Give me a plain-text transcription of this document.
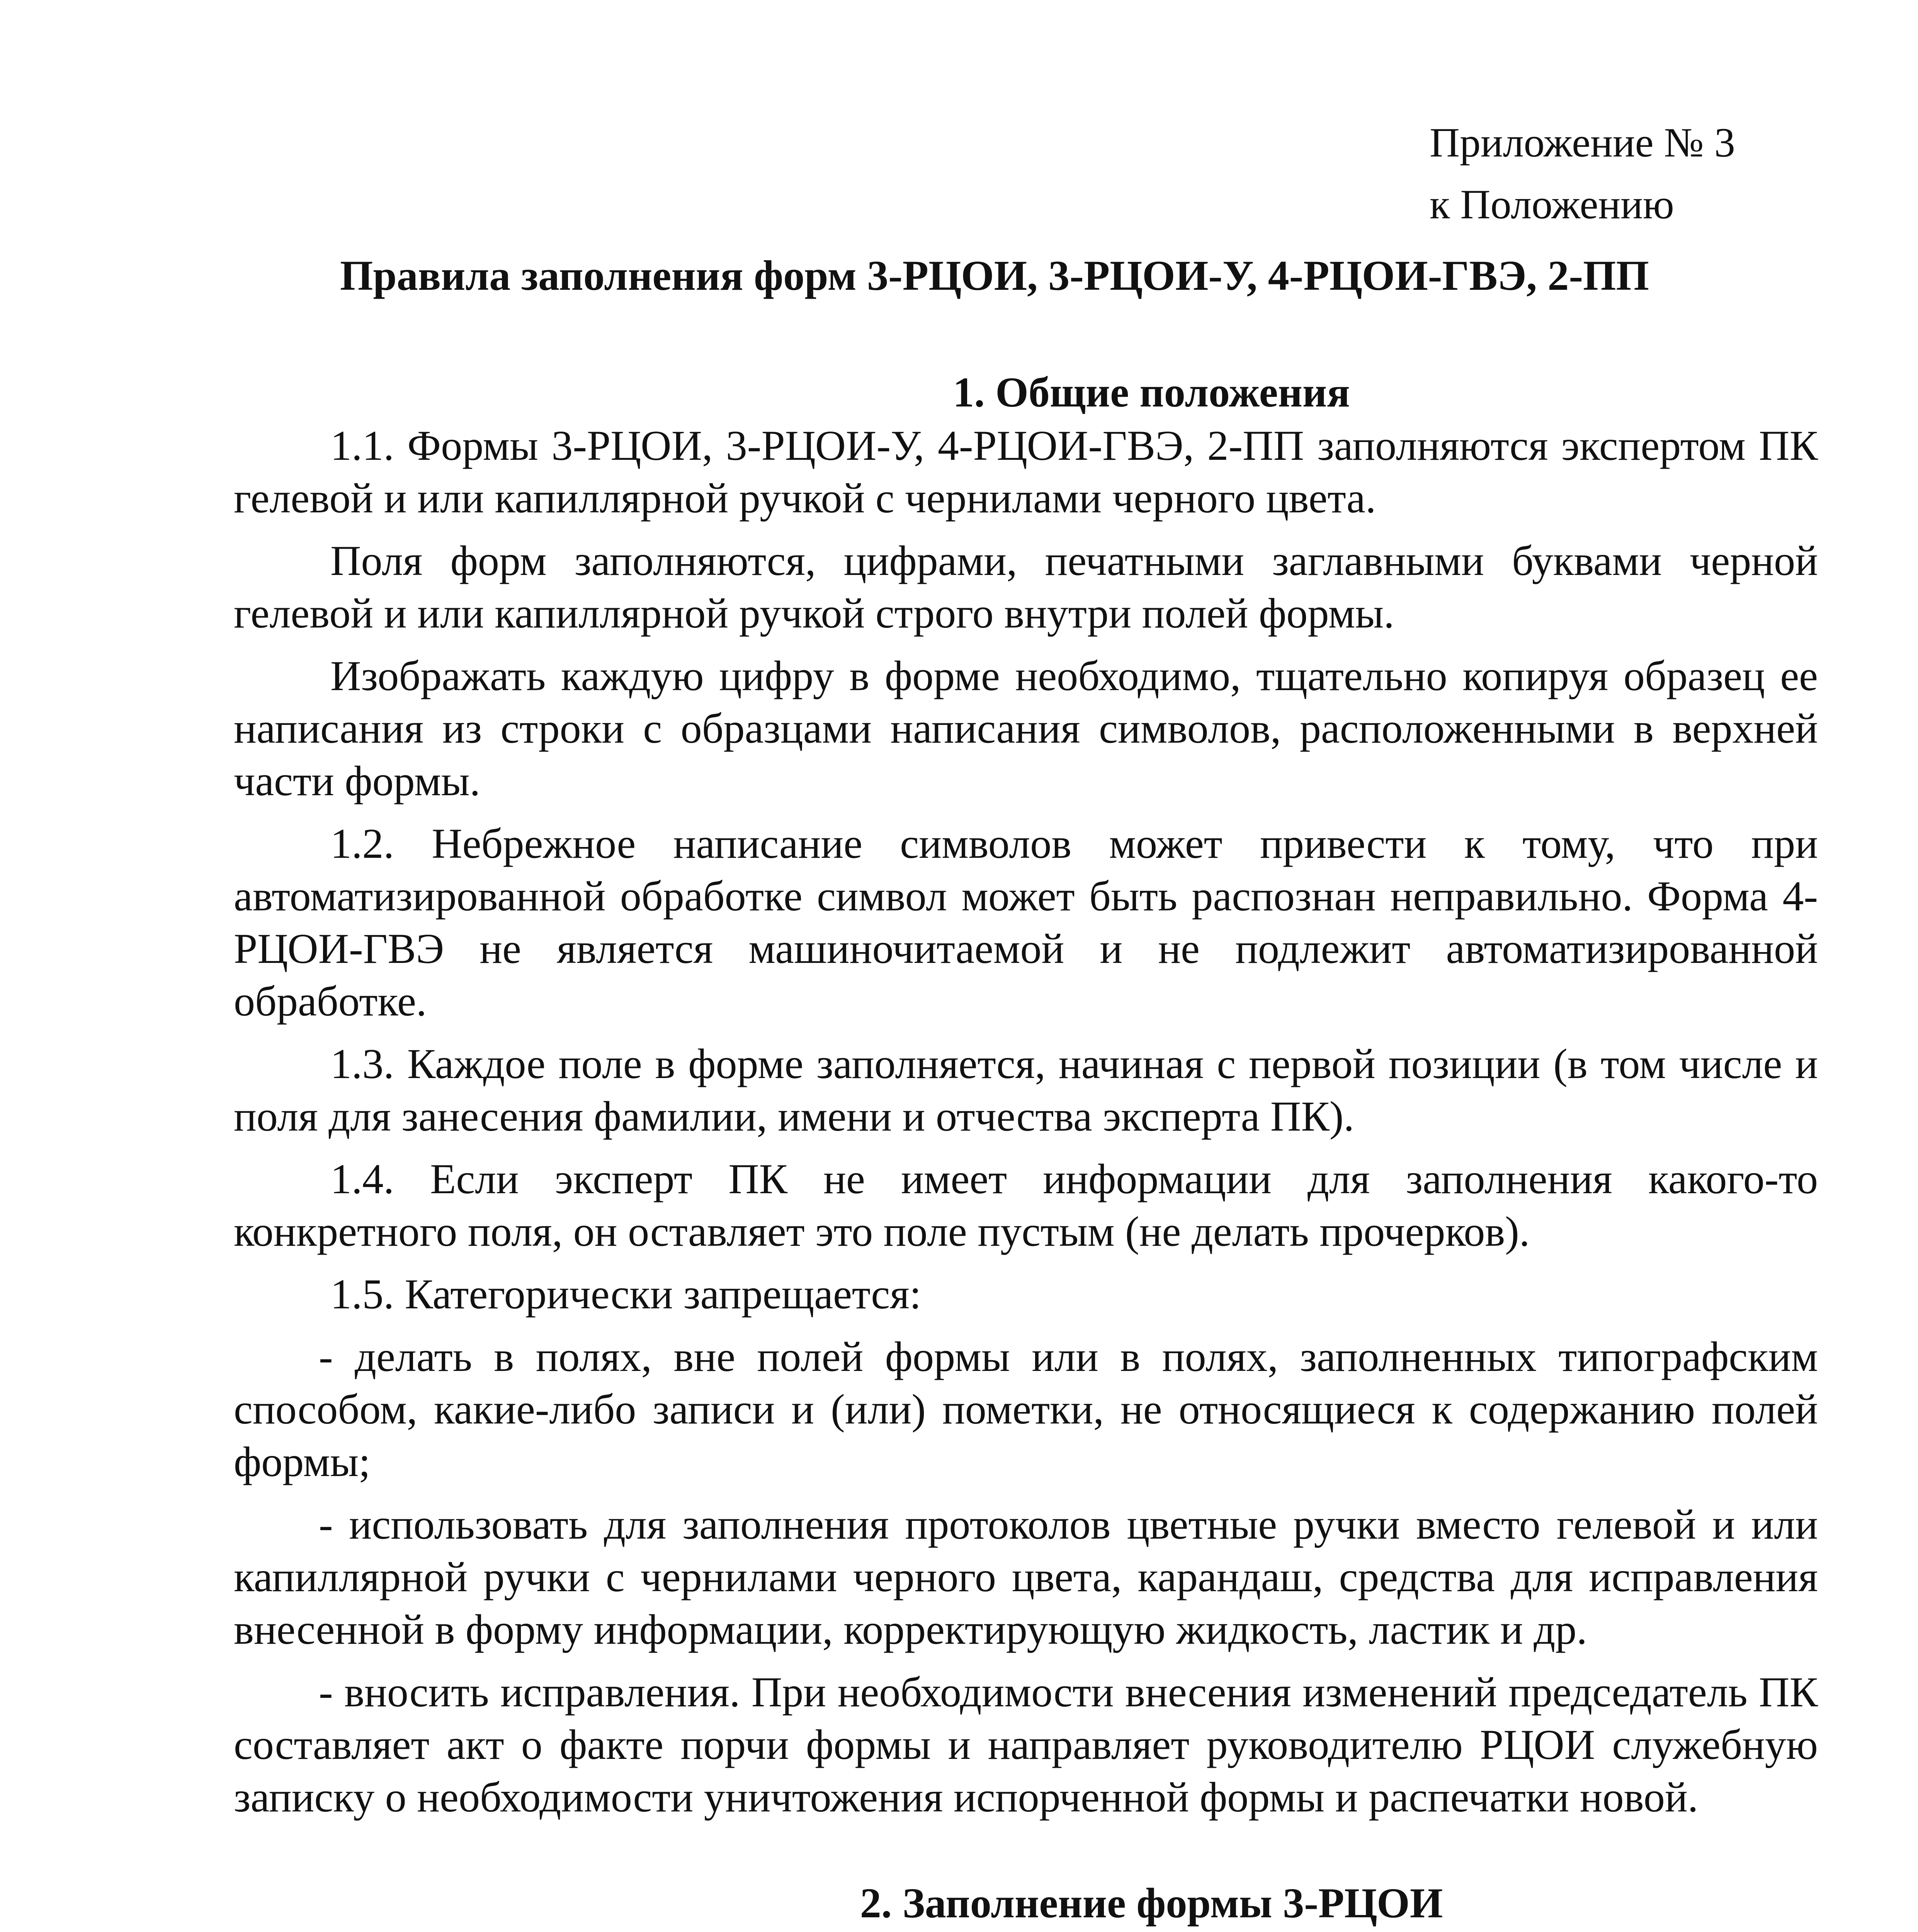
Приложение № 3
к Положению
Правила заполнения форм 3-РЦОИ, 3-РЦОИ-У, 4-РЦОИ-ГВЭ, 2-ПП
1. Общие положения

1.1. Формы 3-РЦОИ, 3-РЦОИ-У, 4-РЦОИ-ГВЭ, 2-ПП заполняются экспертом ПК гелевой и или капиллярной ручкой с чернилами черного цвета.

Поля форм заполняются, цифрами, печатными заглавными буквами черной гелевой и или капиллярной ручкой строго внутри полей формы.

Изображать каждую цифру в форме необходимо, тщательно копируя образец ее написания из строки с образцами написания символов, расположенными в верхней части формы.

1.2. Небрежное написание символов может привести к тому, что при автоматизированной обработке символ может быть распознан неправильно. Форма 4-РЦОИ-ГВЭ не является машиночитаемой и не подлежит автоматизированной обработке.

1.3. Каждое поле в форме заполняется, начиная с первой позиции (в том числе и поля для занесения фамилии, имени и отчества эксперта ПК).

1.4. Если эксперт ПК не имеет информации для заполнения какого-то конкретного поля, он оставляет это поле пустым (не делать прочерков).

1.5. Категорически запрещается:

- делать в полях, вне полей формы или в полях, заполненных типографским способом, какие-либо записи и (или) пометки, не относящиеся к содержанию полей формы;

- использовать для заполнения протоколов цветные ручки вместо гелевой и или капиллярной ручки с чернилами черного цвета, карандаш, средства для исправления внесенной в форму информации, корректирующую жидкость, ластик и др.

- вносить исправления. При необходимости внесения изменений председатель ПК составляет акт о факте порчи формы и направляет руководителю РЦОИ служебную записку о необходимости уничтожения испорченной формы и распечатки новой.

2. Заполнение формы 3-РЦОИ
